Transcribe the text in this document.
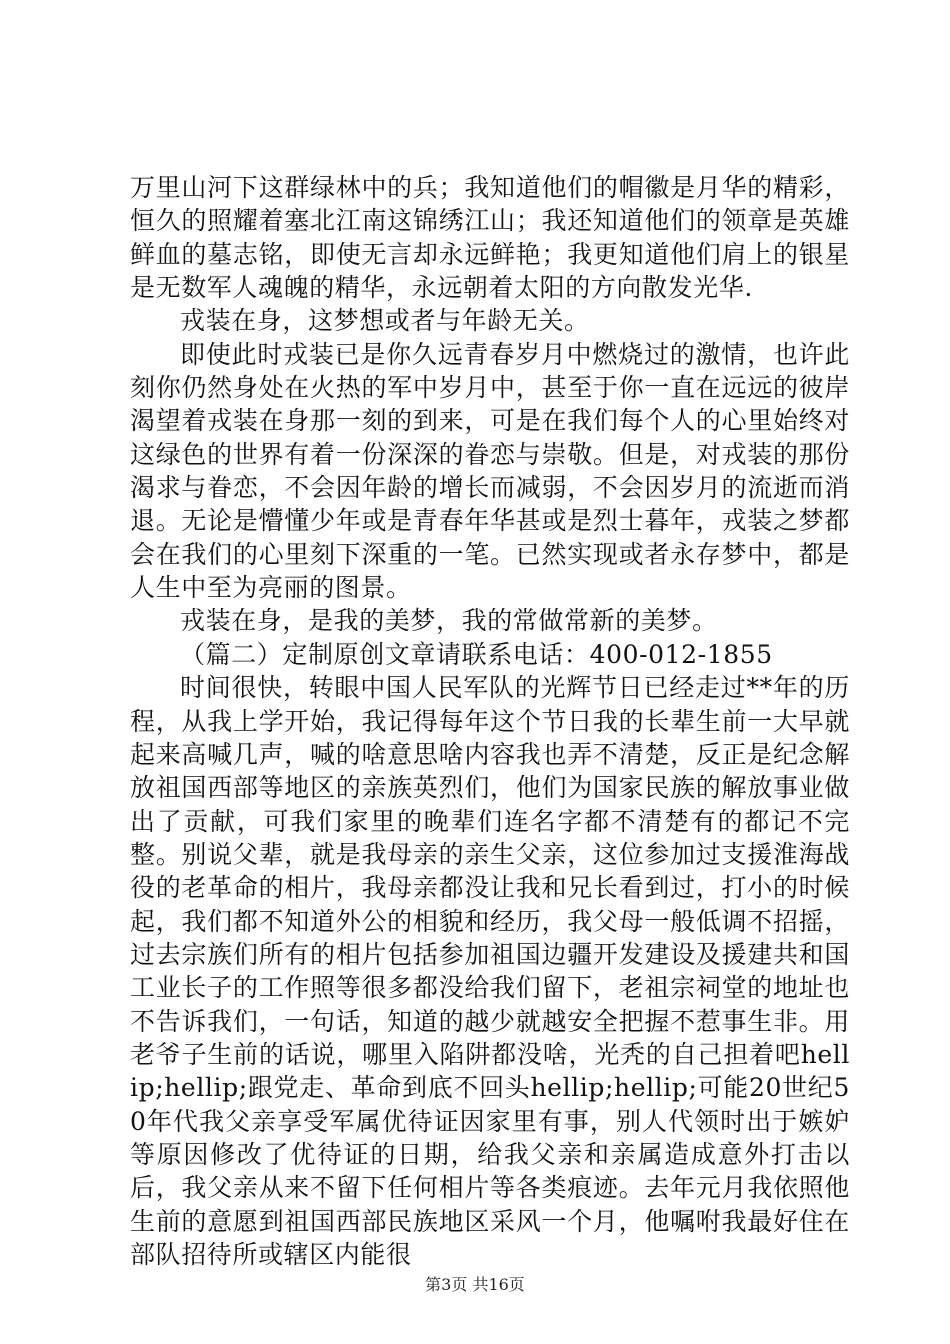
万里山河下这群绿林中的兵；我知道他们的帽徽是月华的精彩，恒久的照耀着塞北江南这锦绣江山；我还知道他们的领章是英雄鲜血的墓志铭，即使无言却永远鲜艳；我更知道他们肩上的银星是无数军人魂魄的精华，永远朝着太阳的方向散发光华.

戎装在身，这梦想或者与年龄无关。

即使此时戎装已是你久远青春岁月中燃烧过的激情，也许此刻你仍然身处在火热的军中岁月中，甚至于你一直在远远的彼岸渴望着戎装在身那一刻的到来，可是在我们每个人的心里始终对这绿色的世界有着一份深深的眷恋与崇敬。但是，对戎装的那份渴求与眷恋，不会因年龄的增长而减弱，不会因岁月的流逝而消退。无论是懵懂少年或是青春年华甚或是烈士暮年，戎装之梦都会在我们的心里刻下深重的一笔。已然实现或者永存梦中，都是人生中至为亮丽的图景。

戎装在身，是我的美梦，我的常做常新的美梦。

（篇二）定制原创文章请联系电话：400-012-1855

时间很快，转眼中国人民军队的光辉节日已经走过**年的历程，从我上学开始，我记得每年这个节日我的长辈生前一大早就起来高喊几声，喊的啥意思啥内容我也弄不清楚，反正是纪念解放祖国西部等地区的亲族英烈们，他们为国家民族的解放事业做出了贡献，可我们家里的晚辈们连名字都不清楚有的都记不完整。别说父辈，就是我母亲的亲生父亲，这位参加过支援淮海战役的老革命的相片，我母亲都没让我和兄长看到过，打小的时候起，我们都不知道外公的相貌和经历，我父母一般低调不招摇，过去宗族们所有的相片包括参加祖国边疆开发建设及援建共和国工业长子的工作照等很多都没给我们留下，老祖宗祠堂的地址也不告诉我们，一句话，知道的越少就越安全把握不惹事生非。用老爷子生前的话说，哪里入陷阱都没啥，光秃的自己担着吧hellip;hellip;跟党走、革命到底不回头hellip;hellip;可能20世纪50年代我父亲享受军属优待证因家里有事，别人代领时出于嫉妒等原因修改了优待证的日期，给我父亲和亲属造成意外打击以后，我父亲从来不留下任何相片等各类痕迹。去年元月我依照他生前的意愿到祖国西部民族地区采风一个月，他嘱咐我最好住在部队招待所或辖区内能很

第3页 共16页
